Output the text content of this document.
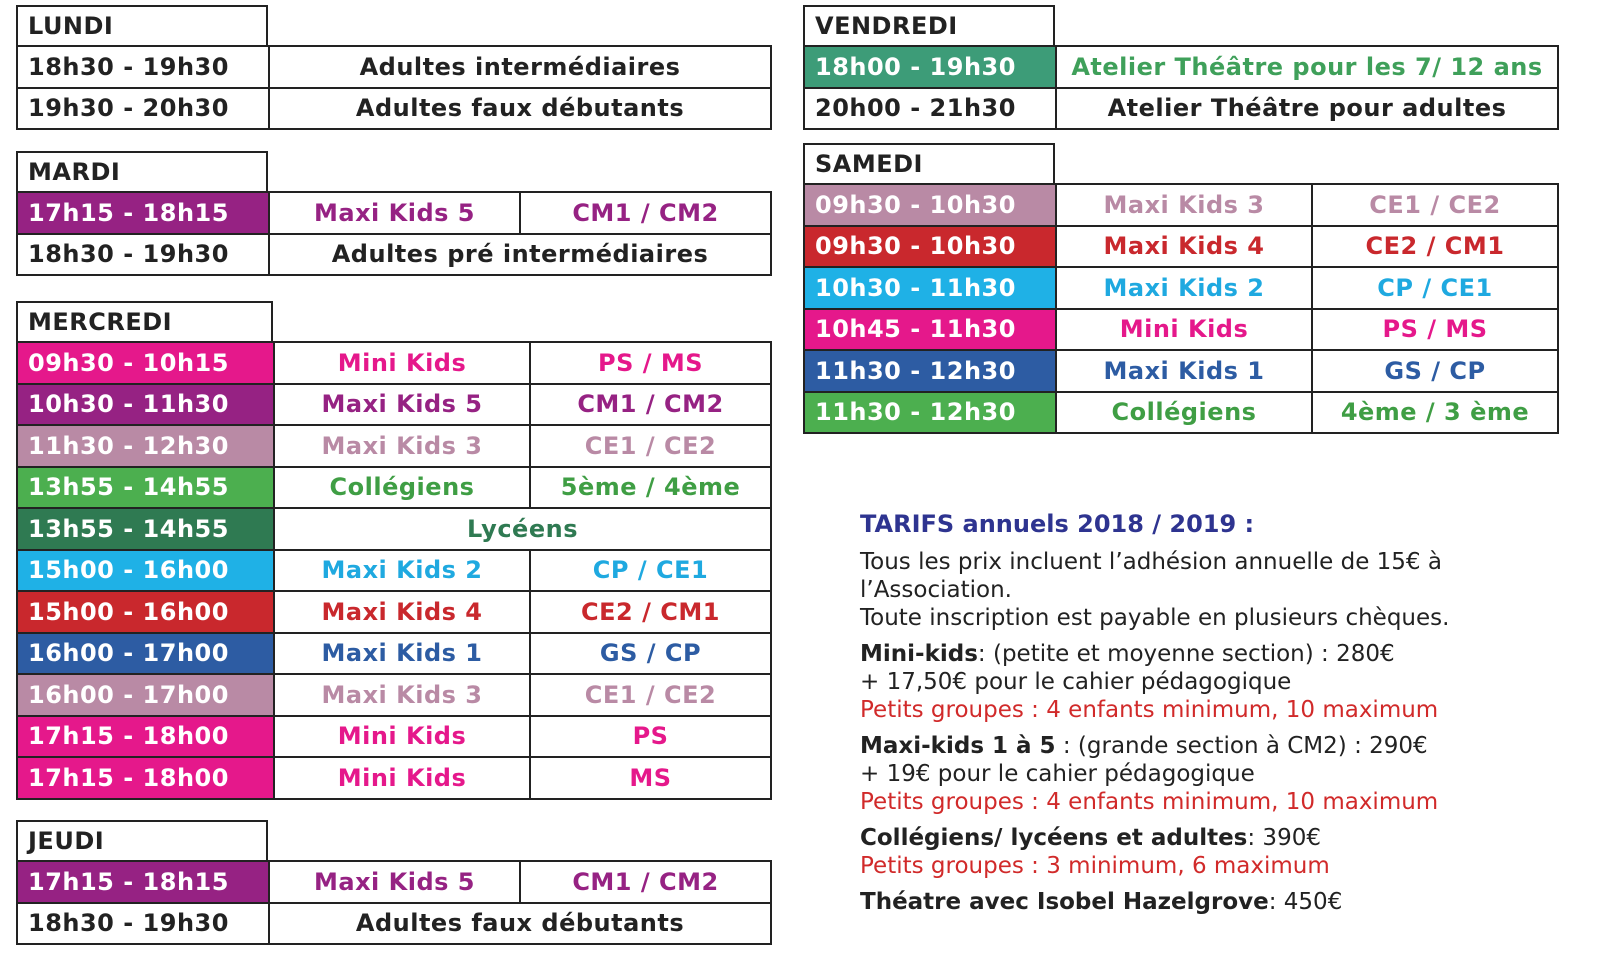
LUNDI
18h30 - 19h30	Adultes intermédiaires
19h30 - 20h30	Adultes faux débutants
MARDI
17h15 - 18h15	Maxi Kids 5	CM1 / CM2
18h30 - 19h30	Adultes pré intermédiaires	
MERCREDI
09h30 - 10h15	Mini Kids	PS / MS
10h30 - 11h30	Maxi Kids 5	CM1 / CM2
11h30 - 12h30	Maxi Kids 3	CE1 / CE2
13h55 - 14h55	Collégiens	5ème / 4ème
13h55 - 14h55	Lycéens	
15h00 - 16h00	Maxi Kids 2	CP / CE1
15h00 - 16h00	Maxi Kids 4	CE2 / CM1
16h00 - 17h00	Maxi Kids 1	GS / CP
16h00 - 17h00	Maxi Kids 3	CE1 / CE2
17h15 - 18h00	Mini Kids	PS
17h15 - 18h00	Mini Kids	MS
JEUDI
17h15 - 18h15	Maxi Kids 5	CM1 / CM2
18h30 - 19h30	Adultes faux débutants	
VENDREDI
18h00 - 19h30	Atelier Théâtre pour les 7/ 12 ans
20h00 - 21h30	Atelier Théâtre pour adultes
SAMEDI
09h30 - 10h30	Maxi Kids 3	CE1 / CE2
09h30 - 10h30	Maxi Kids 4	CE2 / CM1
10h30 - 11h30	Maxi Kids 2	CP / CE1
10h45 - 11h30	Mini Kids	PS / MS
11h30 - 12h30	Maxi Kids 1	GS / CP
11h30 - 12h30	Collégiens	4ème / 3 ème
TARIFS annuels 2018 / 2019 :

Tous les prix incluent l’adhésion annuelle de 15€ à l’Association.

Toute inscription est payable en plusieurs chèques.

Mini-kids: (petite et moyenne section) : 280€

+ 17,50€ pour le cahier pédagogique

Petits groupes : 4 enfants minimum, 10 maximum

Maxi-kids 1 à 5 : (grande section à CM2) : 290€

+ 19€ pour le cahier pédagogique

Petits groupes : 4 enfants minimum, 10 maximum

Collégiens/ lycéens et adultes: 390€

Petits groupes : 3 minimum, 6 maximum

Théatre avec Isobel Hazelgrove: 450€
